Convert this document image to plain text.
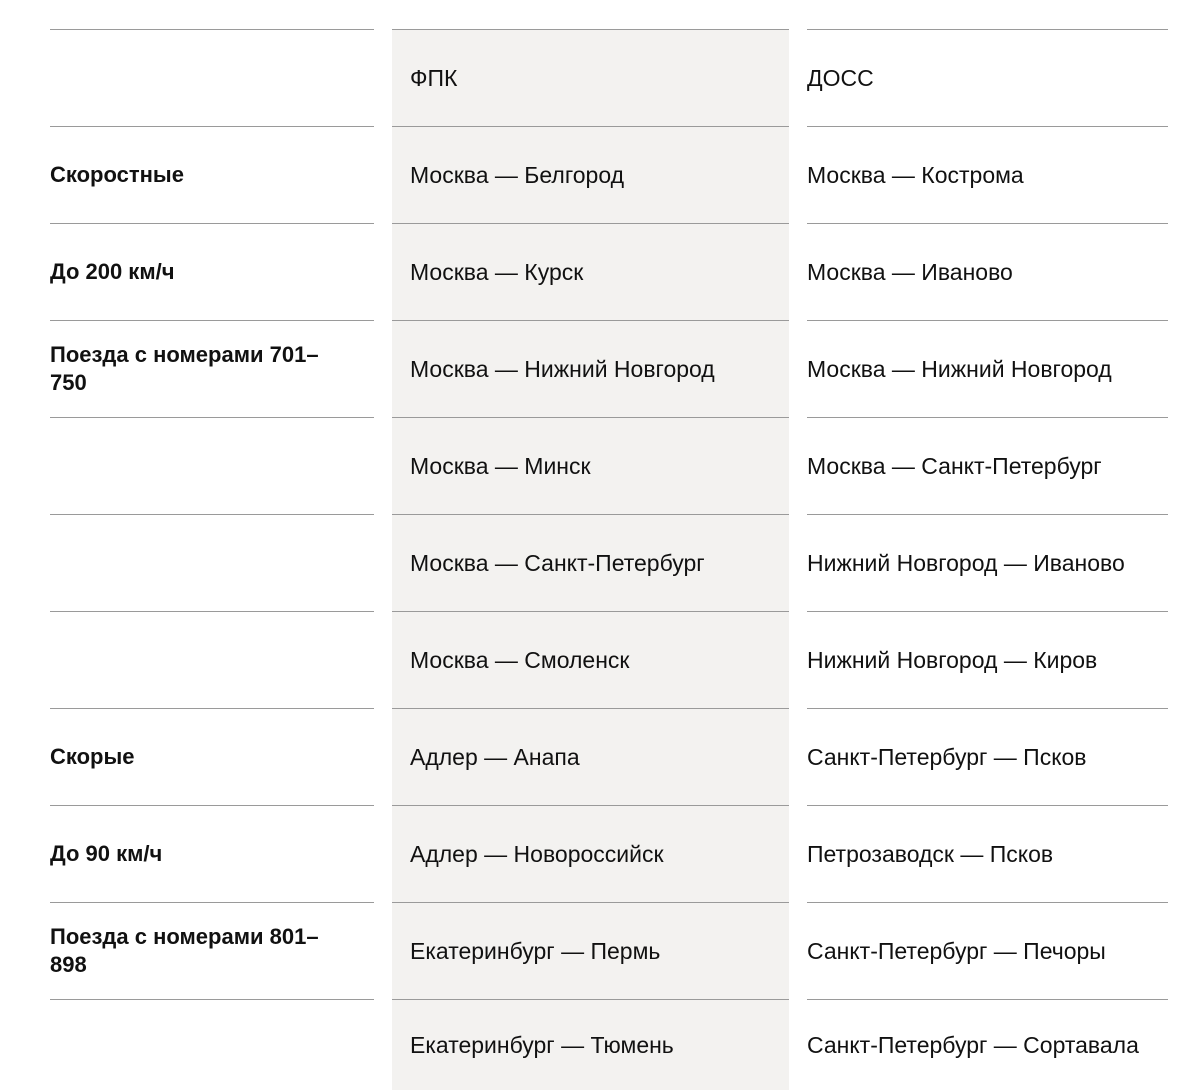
Скоростные
До 200 км/ч
Поезда с номерами 701–750
Скорые
До 90 км/ч
Поезда с номерами 801–898
ФПК
Москва — Белгород
Москва — Курск
Москва — Нижний Новгород
Москва — Минск
Москва — Санкт-Петербург
Москва — Смоленск
Адлер — Анапа
Адлер — Новороссийск
Екатеринбург — Пермь
Екатеринбург — Тюмень
ДОСС
Москва — Кострома
Москва — Иваново
Москва — Нижний Новгород
Москва — Санкт-Петербург
Нижний Новгород — Иваново
Нижний Новгород — Киров
Санкт-Петербург — Псков
Петрозаводск — Псков
Санкт-Петербург — Печоры
Санкт-Петербург — Сортавала
